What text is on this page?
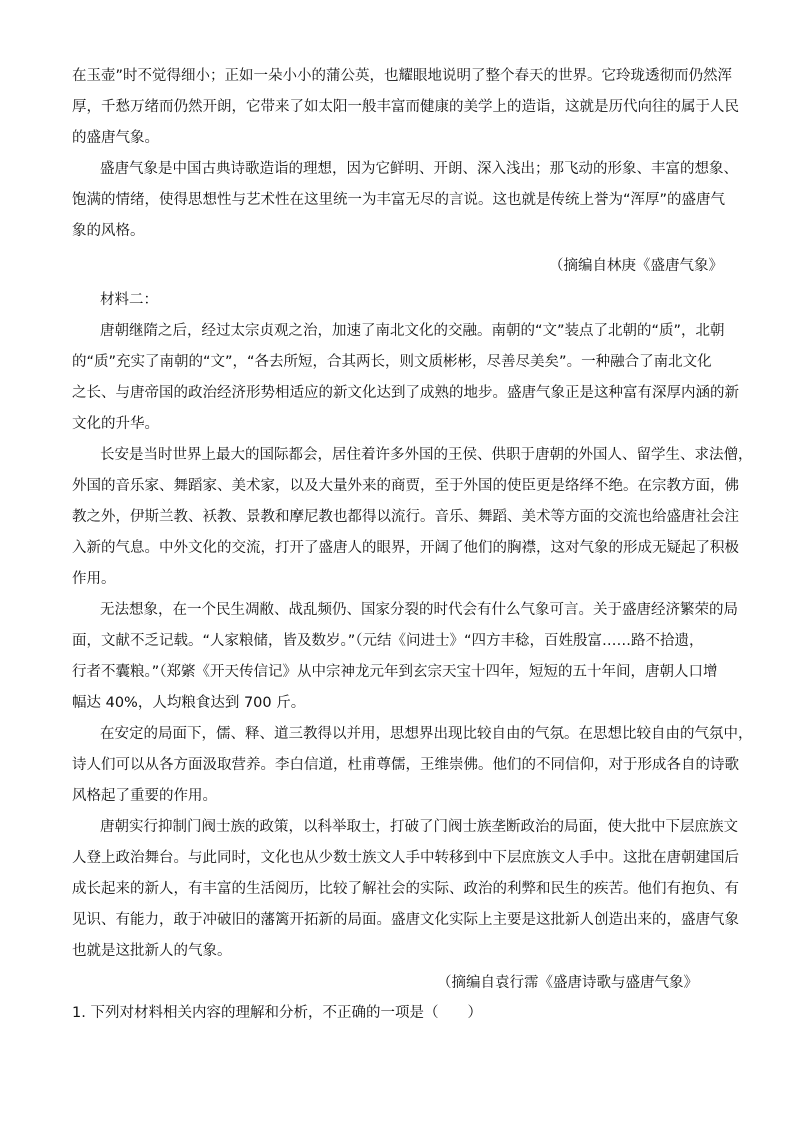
在玉壶”时不觉得细小；正如一朵小小的蒲公英，也耀眼地说明了整个春天的世界。它玲珑透彻而仍然浑
厚，千愁万绪而仍然开朗，它带来了如太阳一般丰富而健康的美学上的造诣，这就是历代向往的属于人民
的盛唐气象。
盛唐气象是中国古典诗歌造诣的理想，因为它鲜明、开朗、深入浅出；那飞动的形象、丰富的想象、
饱满的情绪，使得思想性与艺术性在这里统一为丰富无尽的言说。这也就是传统上誉为“浑厚”的盛唐气
象的风格。
（摘编自林庚《盛唐气象》
材料二：
唐朝继隋之后，经过太宗贞观之治，加速了南北文化的交融。南朝的“文”装点了北朝的“质”，北朝
的“质”充实了南朝的“文”，“各去所短，合其两长，则文质彬彬，尽善尽美矣”。一种融合了南北文化
之长、与唐帝国的政治经济形势相适应的新文化达到了成熟的地步。盛唐气象正是这种富有深厚内涵的新
文化的升华。
长安是当时世界上最大的国际都会，居住着许多外国的王侯、供职于唐朝的外国人、留学生、求法僧，
外国的音乐家、舞蹈家、美术家，以及大量外来的商贾，至于外国的使臣更是络绎不绝。在宗教方面，佛
教之外，伊斯兰教、袄教、景教和摩尼教也都得以流行。音乐、舞蹈、美术等方面的交流也给盛唐社会注
入新的气息。中外文化的交流，打开了盛唐人的眼界，开阔了他们的胸襟，这对气象的形成无疑起了积极
作用。
无法想象，在一个民生凋敝、战乱频仍、国家分裂的时代会有什么气象可言。关于盛唐经济繁荣的局
面，文献不乏记载。“人家粮储，皆及数岁。”（元结《问进士》“四方丰稔，百姓殷富……路不拾遗，
行者不囊粮。”（郑綮《开天传信记》从中宗神龙元年到玄宗天宝十四年，短短的五十年间，唐朝人口增
幅达 40%，人均粮食达到 700 斤。
在安定的局面下，儒、释、道三教得以并用，思想界出现比较自由的气氛。在思想比较自由的气氛中，
诗人们可以从各方面汲取营养。李白信道，杜甫尊儒，王维崇佛。他们的不同信仰，对于形成各自的诗歌
风格起了重要的作用。
唐朝实行抑制门阀士族的政策，以科举取士，打破了门阀士族垄断政治的局面，使大批中下层庶族文
人登上政治舞台。与此同时，文化也从少数士族文人手中转移到中下层庶族文人手中。这批在唐朝建国后
成长起来的新人，有丰富的生活阅历，比较了解社会的实际、政治的利弊和民生的疾苦。他们有抱负、有
见识、有能力，敢于冲破旧的藩篱开拓新的局面。盛唐文化实际上主要是这批新人创造出来的，盛唐气象
也就是这批新人的气象。
（摘编自袁行霈《盛唐诗歌与盛唐气象》
1. 下列对材料相关内容的理解和分析，不正确的一项是（　　）
